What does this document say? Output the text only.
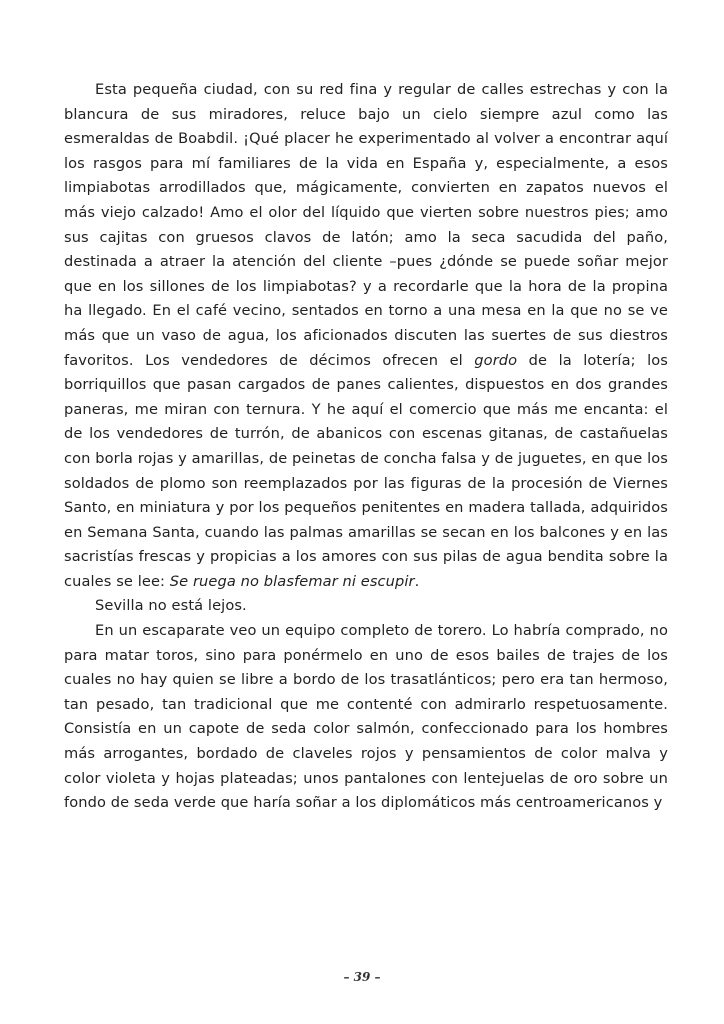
Esta pequeña ciudad, con su red fina y regular de calles estrechas y con la blancura de sus miradores, reluce bajo un cielo siempre azul como las esmeraldas de Boabdil. ¡Qué placer he experimentado al volver a encontrar aquí los rasgos para mí familiares de la vida en España y, especialmente, a esos limpiabotas arrodillados que, mágicamente, convierten en zapatos nuevos el más viejo calzado! Amo el olor del líquido que vierten sobre nuestros pies; amo sus cajitas con gruesos clavos de latón; amo la seca sacudida del paño, destinada a atraer la atención del cliente –pues ¿dónde se puede soñar mejor que en los sillones de los limpiabotas? y a recordarle que la hora de la propina ha llegado. En el café vecino, sentados en torno a una mesa en la que no se ve más que un vaso de agua, los aficionados discuten las suertes de sus diestros favoritos. Los vendedores de décimos ofrecen el gordo de la lotería; los borriquillos que pasan cargados de panes calientes, dispuestos en dos grandes paneras, me miran con ternura. Y he aquí el comercio que más me encanta: el de los vendedores de turrón, de abanicos con escenas gitanas, de castañuelas con borla rojas y amarillas, de peinetas de concha falsa y de juguetes, en que los soldados de plomo son reemplazados por las figuras de la procesión de Viernes Santo, en miniatura y por los pequeños penitentes en madera tallada, adquiridos en Semana Santa, cuando las palmas amarillas se secan en los balcones y en las sacristías frescas y propicias a los amores con sus pilas de agua bendita sobre la cuales se lee: Se ruega no blasfemar ni escupir.

Sevilla no está lejos.

En un escaparate veo un equipo completo de torero. Lo habría comprado, no para matar toros, sino para ponérmelo en uno de esos bailes de trajes de los cuales no hay quien se libre a bordo de los trasatlánticos; pero era tan hermoso, tan pesado, tan tradicional que me contenté con admirarlo respetuosamente. Consistía en un capote de seda color salmón, confeccionado para los hombres más arrogantes, bordado de claveles rojos y pensamientos de color malva y color violeta y hojas plateadas; unos pantalones con lentejuelas de oro sobre un fondo de seda verde que haría soñar a los diplomáticos más centroamericanos y

– 39 –
